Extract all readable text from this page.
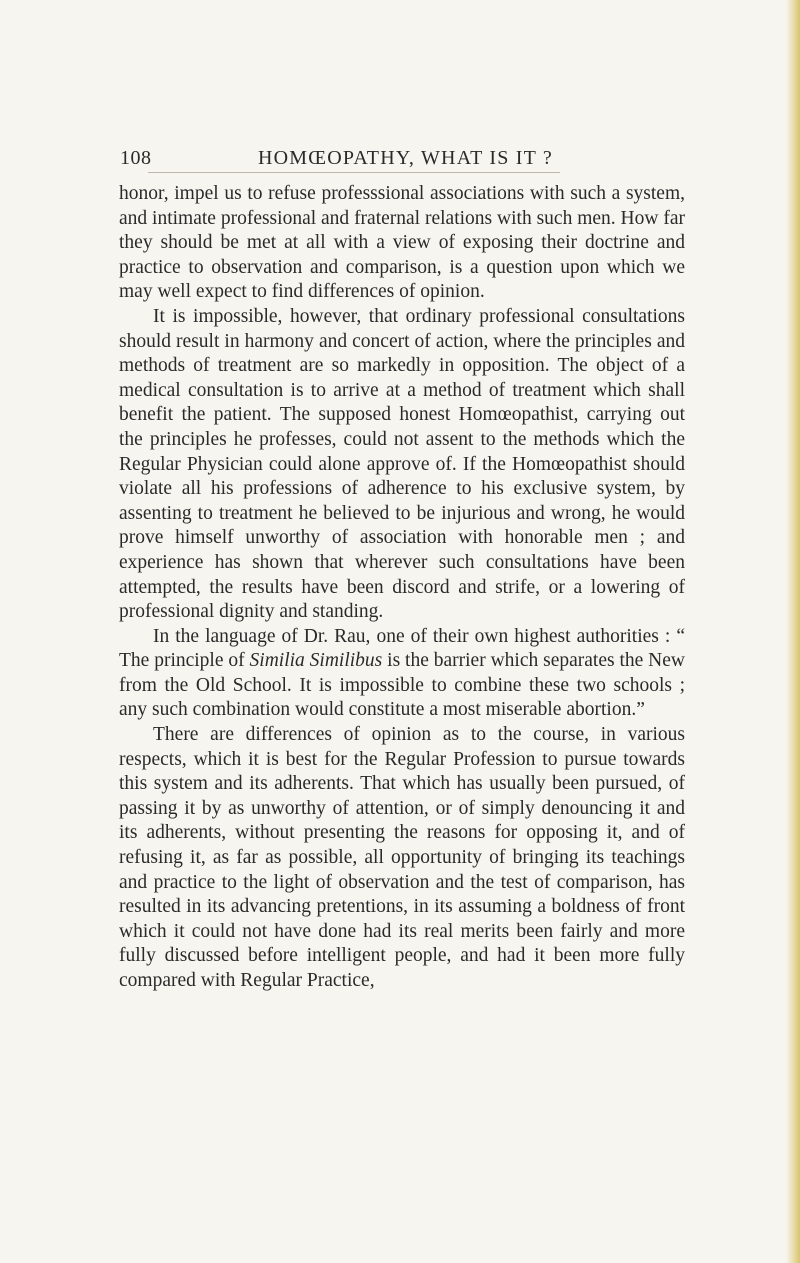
108	HOMŒOPATHY, WHAT IS IT ?

honor, impel us to refuse professsional associations with such a system, and intimate professional and fraternal relations with such men. How far they should be met at all with a view of exposing their doctrine and practice to observation and comparison, is a question upon which we may well expect to find differences of opinion.

It is impossible, however, that ordinary professional consultations should result in harmony and concert of action, where the principles and methods of treatment are so markedly in opposition. The object of a medical consultation is to arrive at a method of treatment which shall benefit the patient. The supposed honest Homœopathist, carrying out the principles he professes, could not assent to the methods which the Regular Physician could alone approve of. If the Homœopathist should violate all his professions of adherence to his exclusive system, by assenting to treatment he believed to be injurious and wrong, he would prove himself unworthy of association with honorable men ; and experience has shown that wherever such consultations have been attempted, the results have been discord and strife, or a lowering of professional dignity and standing.

In the language of Dr. Rau, one of their own highest authorities : “ The principle of Similia Similibus is the barrier which separates the New from the Old School. It is impossible to combine these two schools ; any such combination would constitute a most miserable abortion.”

There are differences of opinion as to the course, in various respects, which it is best for the Regular Profession to pursue towards this system and its adherents. That which has usually been pursued, of passing it by as unworthy of attention, or of simply denouncing it and its adherents, without presenting the reasons for opposing it, and of refusing it, as far as possible, all opportunity of bringing its teachings and practice to the light of observation and the test of comparison, has resulted in its advancing pretentions, in its assuming a boldness of front which it could not have done had its real merits been fairly and more fully discussed before intelligent people, and had it been more fully compared with Regular Practice,
